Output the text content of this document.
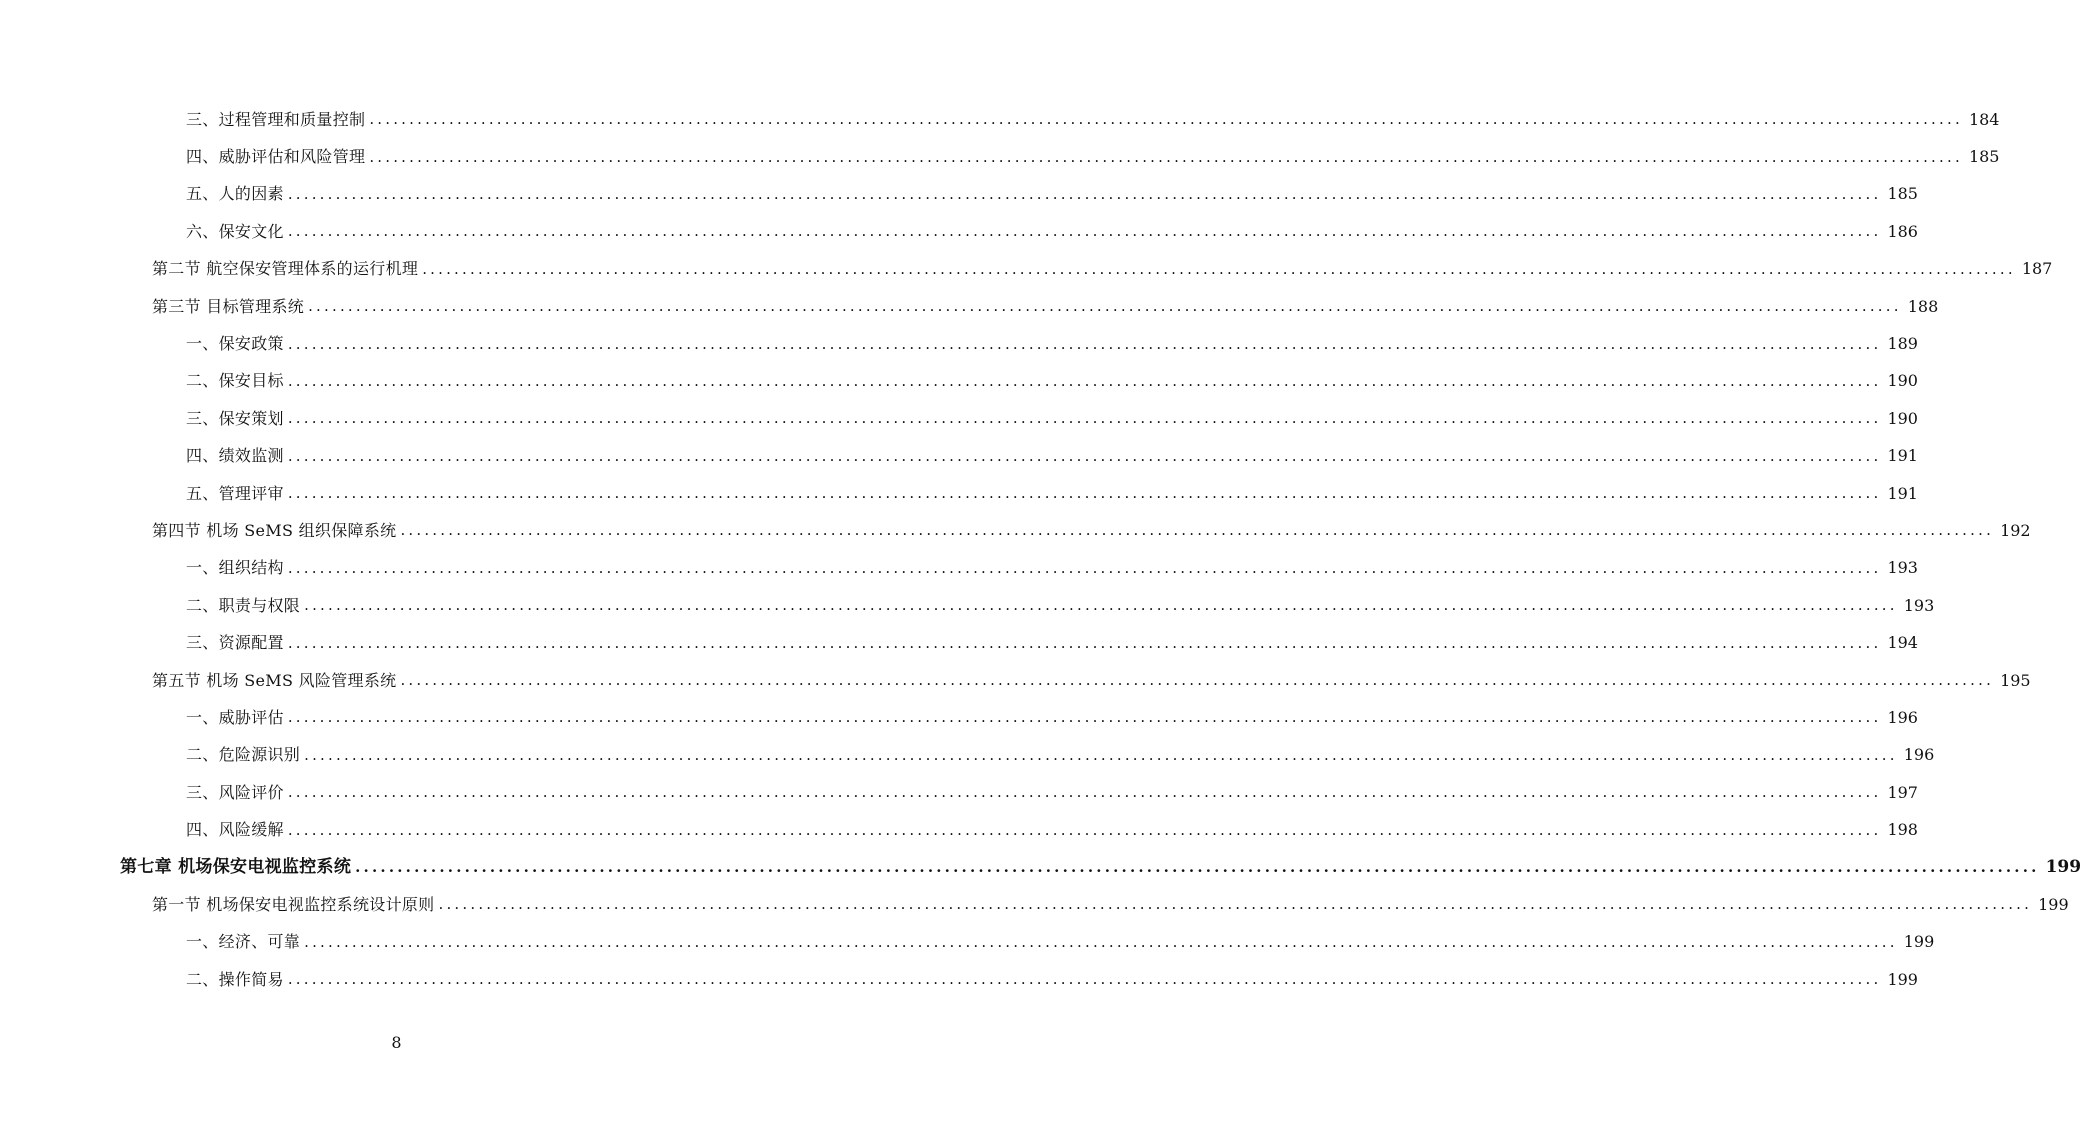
三、过程管理和质量控制 ........................................................................................................................................................................................................ 184
四、威胁评估和风险管理 ........................................................................................................................................................................................................ 185
五、人的因素 ........................................................................................................................................................................................................ 185
六、保安文化 ........................................................................................................................................................................................................ 186
第二节 航空保安管理体系的运行机理 ........................................................................................................................................................................................................ 187
第三节 目标管理系统 ........................................................................................................................................................................................................ 188
一、保安政策 ........................................................................................................................................................................................................ 189
二、保安目标 ........................................................................................................................................................................................................ 190
三、保安策划 ........................................................................................................................................................................................................ 190
四、绩效监测 ........................................................................................................................................................................................................ 191
五、管理评审 ........................................................................................................................................................................................................ 191
第四节 机场 SeMS 组织保障系统 ........................................................................................................................................................................................................ 192
一、组织结构 ........................................................................................................................................................................................................ 193
二、职责与权限 ........................................................................................................................................................................................................ 193
三、资源配置 ........................................................................................................................................................................................................ 194
第五节 机场 SeMS 风险管理系统 ........................................................................................................................................................................................................ 195
一、威胁评估 ........................................................................................................................................................................................................ 196
二、危险源识别 ........................................................................................................................................................................................................ 196
三、风险评价 ........................................................................................................................................................................................................ 197
四、风险缓解 ........................................................................................................................................................................................................ 198
第七章 机场保安电视监控系统 ........................................................................................................................................................................................................ 199
第一节 机场保安电视监控系统设计原则 ........................................................................................................................................................................................................ 199
一、经济、可靠 ........................................................................................................................................................................................................ 199
二、操作简易 ........................................................................................................................................................................................................ 199
8
